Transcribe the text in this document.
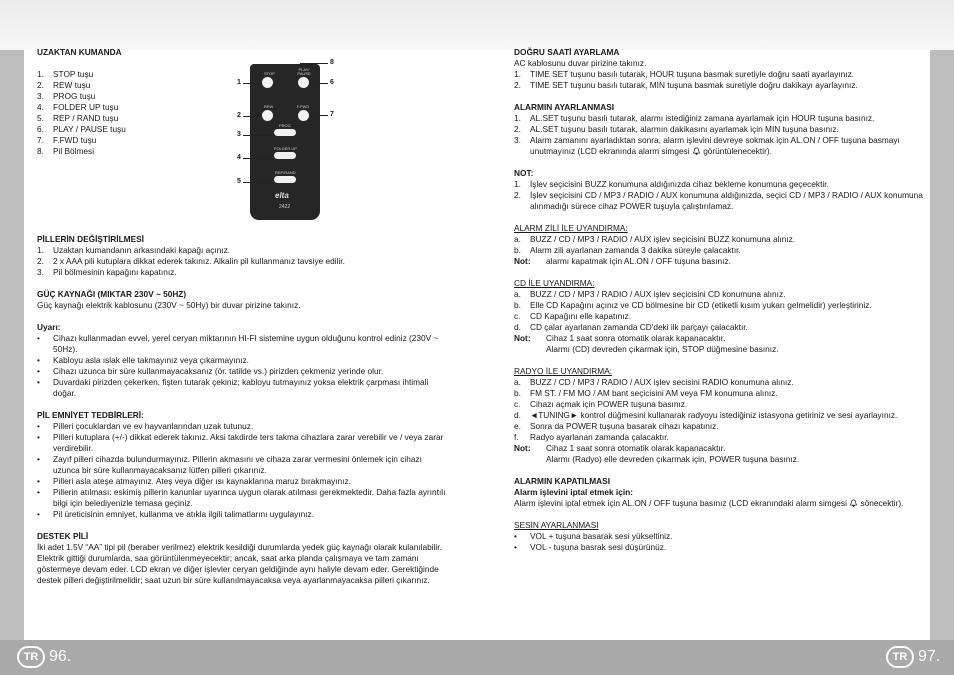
TR 96.	TR 97.
UZAKTAN KUMANDA
1.	STOP tuşu
2.	REW tuşu
3.	PROG tuşu
4.	FOLDER UP tuşu
5.	REP / RAND tuşu
6.	PLAY / PAUSE tuşu
7.	F.FWD tuşu
8.	Pil Bölmesi
PİLLERİN DEĞİŞTİRİLMESİ
1.	Uzaktan kumandanın arkasındaki kapağı açınız.
2.	2 x AAA pili kutuplara dikkat ederek takınız. Alkalin pil kullanmanız tavsiye edilir.
3.	Pil bölmesinin kapağını kapatınız.
GÜÇ KAYNAĞI (MIKTAR 230V ~ 50HZ)
Güç kaynağı elektrik kablosunu (230V ~ 50Hy) bir duvar pirizine takınız.
Uyarı:
•	Cihazı kullanmadan evvel, yerel ceryan miktarının HI-FI sistemine uygun olduğunu kontrol ediniz (230V ~ 50Hz).
•	Kabloyu asla ıslak elle takmayınız veya çıkarmayınız.
•	Cihazı uzunca bir süre kullanmayacaksanız (ör. tatilde vs.) pirizden çekmeniz yerinde olur.
•	Duvardaki pirizden çekerken, fişten tutarak çekiniz; kabloyu tutmayınız yoksa elektrik çarpması ihtimali doğar.
PİL EMNİYET TEDBİRLERİ:
•	Pilleri çocuklardan ve ev hayvanlarından uzak tutunuz.
•	Pilleri kutuplara (+/-) dikkat ederek takınız. Aksi takdirde ters takma cihazlara zarar verebilir ve / veya zarar verdirebilir.
•	Zayıf pilleri cihazda bulundurmayınız. Pillerin akmasını ve cihaza zarar vermesini önlemek için cihazı uzunca bir süre kullanmayacaksanız lütfen pilleri çıkarınız.
•	Pilleri asla ateşe atmayınız. Ateş veya diğer ısı kaynaklarına maruz bırakmayınız.
•	Pillerin atılması: eskimiş pillerin kanunlar uyarınca uygun olarak atılması gerekmektedir. Daha fazla ayrıntılı bilgi için belediyenizle temasa geçiniz.
•	Pil üreticisinin emniyet, kullanma ve atıkla ilgili talimatlarını uygulayınız.
DESTEK PİLİ
İki adet 1.5V “AA” tipi pil (beraber verilmez) elektrik kesildiği durumlarda yedek güç kaynağı olarak kulanılabilir. Elektrik gittiği durumlarda, saa görüntülenmeyecektir; ancak, saat arka planda çalışmaya ve tam zamanı göstermeye devam eder. LCD ekran ve diğer işlevler ceryan geldiğinde aynı haliyle devam eder. Gerektiğinde destek pilleri değiştirilmelidir; saat uzun bir süre kullanılmayacaksa veya ayarlanmayacaksa pilleri çıkarınız.
STOP
PLAY/ PAUSE
REW	F.FWD
PROG
FOLDER UP
REP/RAND
elta
2422
1
2
3
4
5
6
7
8
DOĞRU SAATİ AYARLAMA
AC kablosunu duvar pirizine takınız.
1.	TIME SET tuşunu basılı tutarak, HOUR tuşuna basmak suretiyle doğru saati ayarlayınız.
2.	TIME SET tuşunu basılı tutarak, MIN tuşuna basmak suretiyle doğru dakikayı ayarlayınız.
ALARMIN AYARLANMASI
1.	AL.SET tuşunu basılı tutarak, alarmı istediğiniz zamana ayarlamak için HOUR tuşuna basınız.
2.	AL.SET tuşunu basılı tutarak, alarmın dakikasını ayarlamak için MIN tuşuna basınız.
3.	Alarm zamanını ayarladıktan sonra, alarm işlevini devreye sokmak için AL.ON / OFF tuşuna basmayı unutmayınız (LCD ekranında alarm simgesi görüntülenecektir).
NOT:
1.	İşlev seçicisini BUZZ konumuna aldığınızda cihaz bekleme konumuna geçecektir.
2.	İşlev seçicisini CD / MP3 / RADIO / AUX konumuna aldığınızda, seçici CD / MP3 / RADIO / AUX konumuna alınmadığı sürece cihaz POWER tuşuyla çalıştırılamaz.
ALARM ZİLİ İLE UYANDIRMA:
a.	BUZZ / CD / MP3 / RADIO / AUX işlev seçicisini BUZZ konumuna alınız.
b.	Alarm zili ayarlanan zamanda 3 dakika süreyle çalacaktır.
Not:	alarmı kapatmak için AL.ON / OFF tuşuna basınız.
CD İLE UYANDIRMA:
a.	BUZZ / CD / MP3 / RADIO / AUX işlev seçicisini CD konumuna alınız.
b.	Elle CD Kapağını açınız ve CD bölmesine bir CD (etiketli kısım yukarı gelmelidir) yerleştiriniz.
c.	CD Kapağını elle kapatınız.
d.	CD çalar ayarlanan zamanda CD'deki ilk parçayı çalacaktır.
Not:	Cihaz 1 saat sonra otomatik olarak kapanacaktır.
Alarmı (CD) devreden çıkarmak için, STOP düğmesine basınız.
RADYO İLE UYANDIRMA:
a.	BUZZ / CD / MP3 / RADIO / AUX işlev secisini RADIO konumuna alınız.
b.	FM ST. / FM MO / AM bant seçicisini AM veya FM konumuna alınız.
c.	Cihazı açmak için POWER tuşuna basınız.
d.	◄TUNING► kontrol düğmesini kullanarak radyoyu istediğiniz istasyona getiriniz ve sesi ayarlayınız.
e.	Sonra da POWER tuşuna basarak cihazı kapatınız.
f.	Radyo ayarlanan zamanda çalacaktır.
Not:	Cihaz 1 saat sonra otomatik olarak kapanacaktır.
Alarmı (Radyo) elle devreden çıkarmak için, POWER tuşuna basınız.
ALARMIN KAPATILMASI
Alarm işlevini iptal etmek için:
Alarm işlevini iptal etmek için AL.ON / OFF tuşuna basınız (LCD ekranındaki alarm simgesi sönecektir).
SESİN AYARLANMASI
•	VOL + tuşuna basarak sesi yükseltiniz.
•	VOL - tuşuna basrak sesi düşürünüz.
